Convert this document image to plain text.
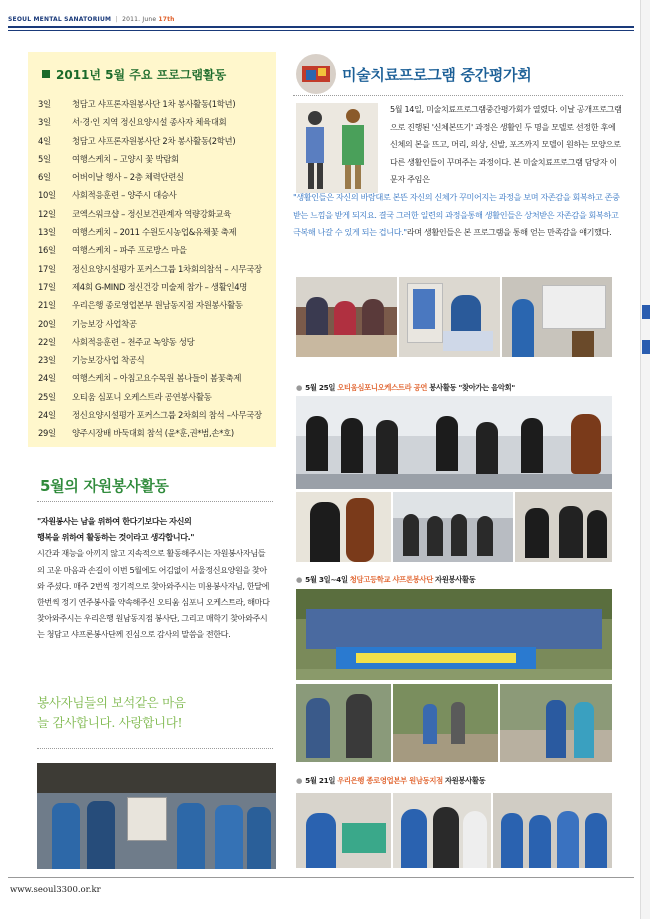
SEOUL MENTAL SANATORIUM | 2011. June 17th
2011년 5월 주요 프로그램활동
3일	청담고 샤프론자원봉사단 1차 봉사활동(1학년)
3일	서·경·인 지역 정신요양시설 종사자 체육대회
4일	청담고 샤프론자원봉사단 2차 봉사활동(2학년)
5일	여행스케치 – 고양시 꽃 박람회
6일	어버이날 행사 – 2층 체력단련실
10일 사회적응훈련 – 양주시 대승사
12일 코엑스워크샵 – 정신보건관계자 역량강화교육
13일 여행스케치 – 2011 수원도시농업&유채꽃 축제
16일 여행스케치 – 파주 프로방스 마을
17일 정신요양시설평가 포커스그룹 1차회의참석 – 시무국장
17일 제4회 G-MIND 정신건강 미술제 참가 – 생활인4명
21일 우리은행 종로영업본부 원남동지점 자원봉사활동
20일 기능보강 사업착공
22일 사회적응훈련 – 천주교 녹양동 성당
23일 기능보강사업 착공식
24일 여행스케치 – 아침고요수목원 봄나들이 봄꽃축제
25일 오티움 심포니 오케스트라 공연봉사활동
24일 정신요양시설평가 포커스그룹 2차회의 참석 –사무국장
29일 양주시장배 바둑대회 참석 (윤*훈,권*범,손*호)
5월의 자원봉사활동
"자원봉사는 남을 위하여 한다기보다는 자신의
행복을 위하여 활동하는 것이라고 생각합니다."
시간과 재능을 아끼지 않고 지속적으로 활동해주시는 자원봉사자님들의 고운 마음과 손길이 이번 5월에도 어김없이 서울정신요양원을 찾아와 주셨다. 매주 2번씩 정기적으로 찾아와주시는 미용봉사자님, 한달에 한번씩 정기 연주봉사를 약속해주신 오티움 심포니 오케스트라, 해마다 찾아와주시는 우리은행 원남동지점 봉사단, 그리고 매학기 찾아와주시는 청담고 샤프론봉사단께 진심으로 감사의 말씀을 전한다.
봉사자님들의 보석같은 마음
늘 감사합니다. 사랑합니다!
미술치료프로그램 중간평가회
5월 14일, 미술치료프로그램중간평가회가 열렸다. 이날 공개프로그램으로 진행된 '신체본뜨기' 과정은 생활인 두 명을 모델로 선정한 후에 신체의 본을 뜨고, 머리, 의상, 신발, 포즈까지 모델이 원하는 모양으로 다른 생활인들이 꾸며주는 과정이다. 본 미술치료프로그램 담당자 이문자 주임은
"생활인들은 자신의 바람대로 본뜬 자신의 신체가 꾸미어지는 과정을 보며 자존감을 회복하고 존중받는 느낌을 받게 되지요. 결국 그러한 일련의 과정을통해 생활인들은 상처받은 자존감을 회복하고 극복해 나갈 수 있게 되는 겁니다."라며 생활인들은 본 프로그램을 통해 얻는 만족감을 얘기했다.
● 5월 25일 오티움심포니오케스트라 공연 봉사활동 "찾아가는 음악회"
● 5월 3일~4일 청담고등학교 샤프론봉사단 자원봉사활동
● 5월 21일 우리은행 종로영업본부 원남동지점 자원봉사활동
www.seoul3300.or.kr
